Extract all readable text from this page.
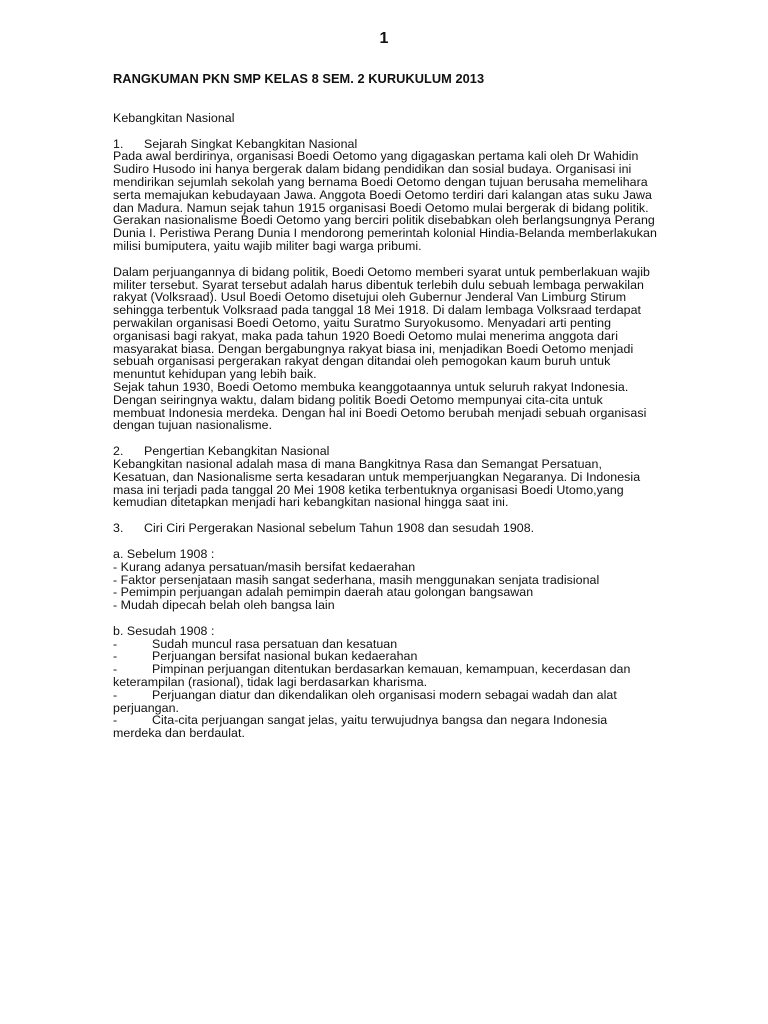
1
RANGKUMAN PKN SMP KELAS 8 SEM. 2 KURUKULUM 2013
Kebangkitan Nasional
1. Sejarah Singkat Kebangkitan Nasional

Pada awal berdirinya, organisasi Boedi Oetomo yang digagaskan pertama kali oleh Dr Wahidin Sudiro Husodo ini hanya bergerak dalam bidang pendidikan dan sosial budaya. Organisasi ini mendirikan sejumlah sekolah yang bernama Boedi Oetomo dengan tujuan berusaha memelihara serta memajukan kebudayaan Jawa. Anggota Boedi Oetomo terdiri dari kalangan atas suku Jawa dan Madura. Namun sejak tahun 1915 organisasi Boedi Oetomo mulai bergerak di bidang politik. Gerakan nasionalisme Boedi Oetomo yang berciri politik disebabkan oleh berlangsungnya Perang Dunia I. Peristiwa Perang Dunia I mendorong pemerintah kolonial Hindia-Belanda memberlakukan milisi bumiputera, yaitu wajib militer bagi warga pribumi.

Dalam perjuangannya di bidang politik, Boedi Oetomo memberi syarat untuk pemberlakuan wajib militer tersebut. Syarat tersebut adalah harus dibentuk terlebih dulu sebuah lembaga perwakilan rakyat (Volksraad). Usul Boedi Oetomo disetujui oleh Gubernur Jenderal Van Limburg Stirum sehingga terbentuk Volksraad pada tanggal 18 Mei 1918. Di dalam lembaga Volksraad terdapat perwakilan organisasi Boedi Oetomo, yaitu Suratmo Suryokusomo. Menyadari arti penting organisasi bagi rakyat, maka pada tahun 1920 Boedi Oetomo mulai menerima anggota dari masyarakat biasa. Dengan bergabungnya rakyat biasa ini, menjadikan Boedi Oetomo menjadi sebuah organisasi pergerakan rakyat dengan ditandai oleh pemogokan kaum buruh untuk menuntut kehidupan yang lebih baik.

Sejak tahun 1930, Boedi Oetomo membuka keanggotaannya untuk seluruh rakyat Indonesia. Dengan seiringnya waktu, dalam bidang politik Boedi Oetomo mempunyai cita-cita untuk membuat Indonesia merdeka. Dengan hal ini Boedi Oetomo berubah menjadi sebuah organisasi dengan tujuan nasionalisme.

2. Pengertian Kebangkitan Nasional

Kebangkitan nasional adalah masa di mana Bangkitnya Rasa dan Semangat Persatuan, Kesatuan, dan Nasionalisme serta kesadaran untuk memperjuangkan Negaranya. Di Indonesia masa ini terjadi pada tanggal 20 Mei 1908 ketika terbentuknya organisasi Boedi Utomo,yang kemudian ditetapkan menjadi hari kebangkitan nasional hingga saat ini.

3. Ciri Ciri Pergerakan Nasional sebelum Tahun 1908 dan sesudah 1908.
a. Sebelum 1908 :
- Kurang adanya persatuan/masih bersifat kedaerahan
- Faktor persenjataan masih sangat sederhana, masih menggunakan senjata tradisional
- Pemimpin perjuangan adalah pemimpin daerah atau golongan bangsawan
- Mudah dipecah belah oleh bangsa lain
b. Sesudah 1908 :
-	Sudah muncul rasa persatuan dan kesatuan
-	Perjuangan bersifat nasional bukan kedaerahan
-	Pimpinan perjuangan ditentukan berdasarkan kemauan, kemampuan, kecerdasan dan keterampilan (rasional), tidak lagi berdasarkan kharisma.
-	Perjuangan diatur dan dikendalikan oleh organisasi modern sebagai wadah dan alat perjuangan.
-	Cita-cita perjuangan sangat jelas, yaitu terwujudnya bangsa dan negara Indonesia merdeka dan berdaulat.
